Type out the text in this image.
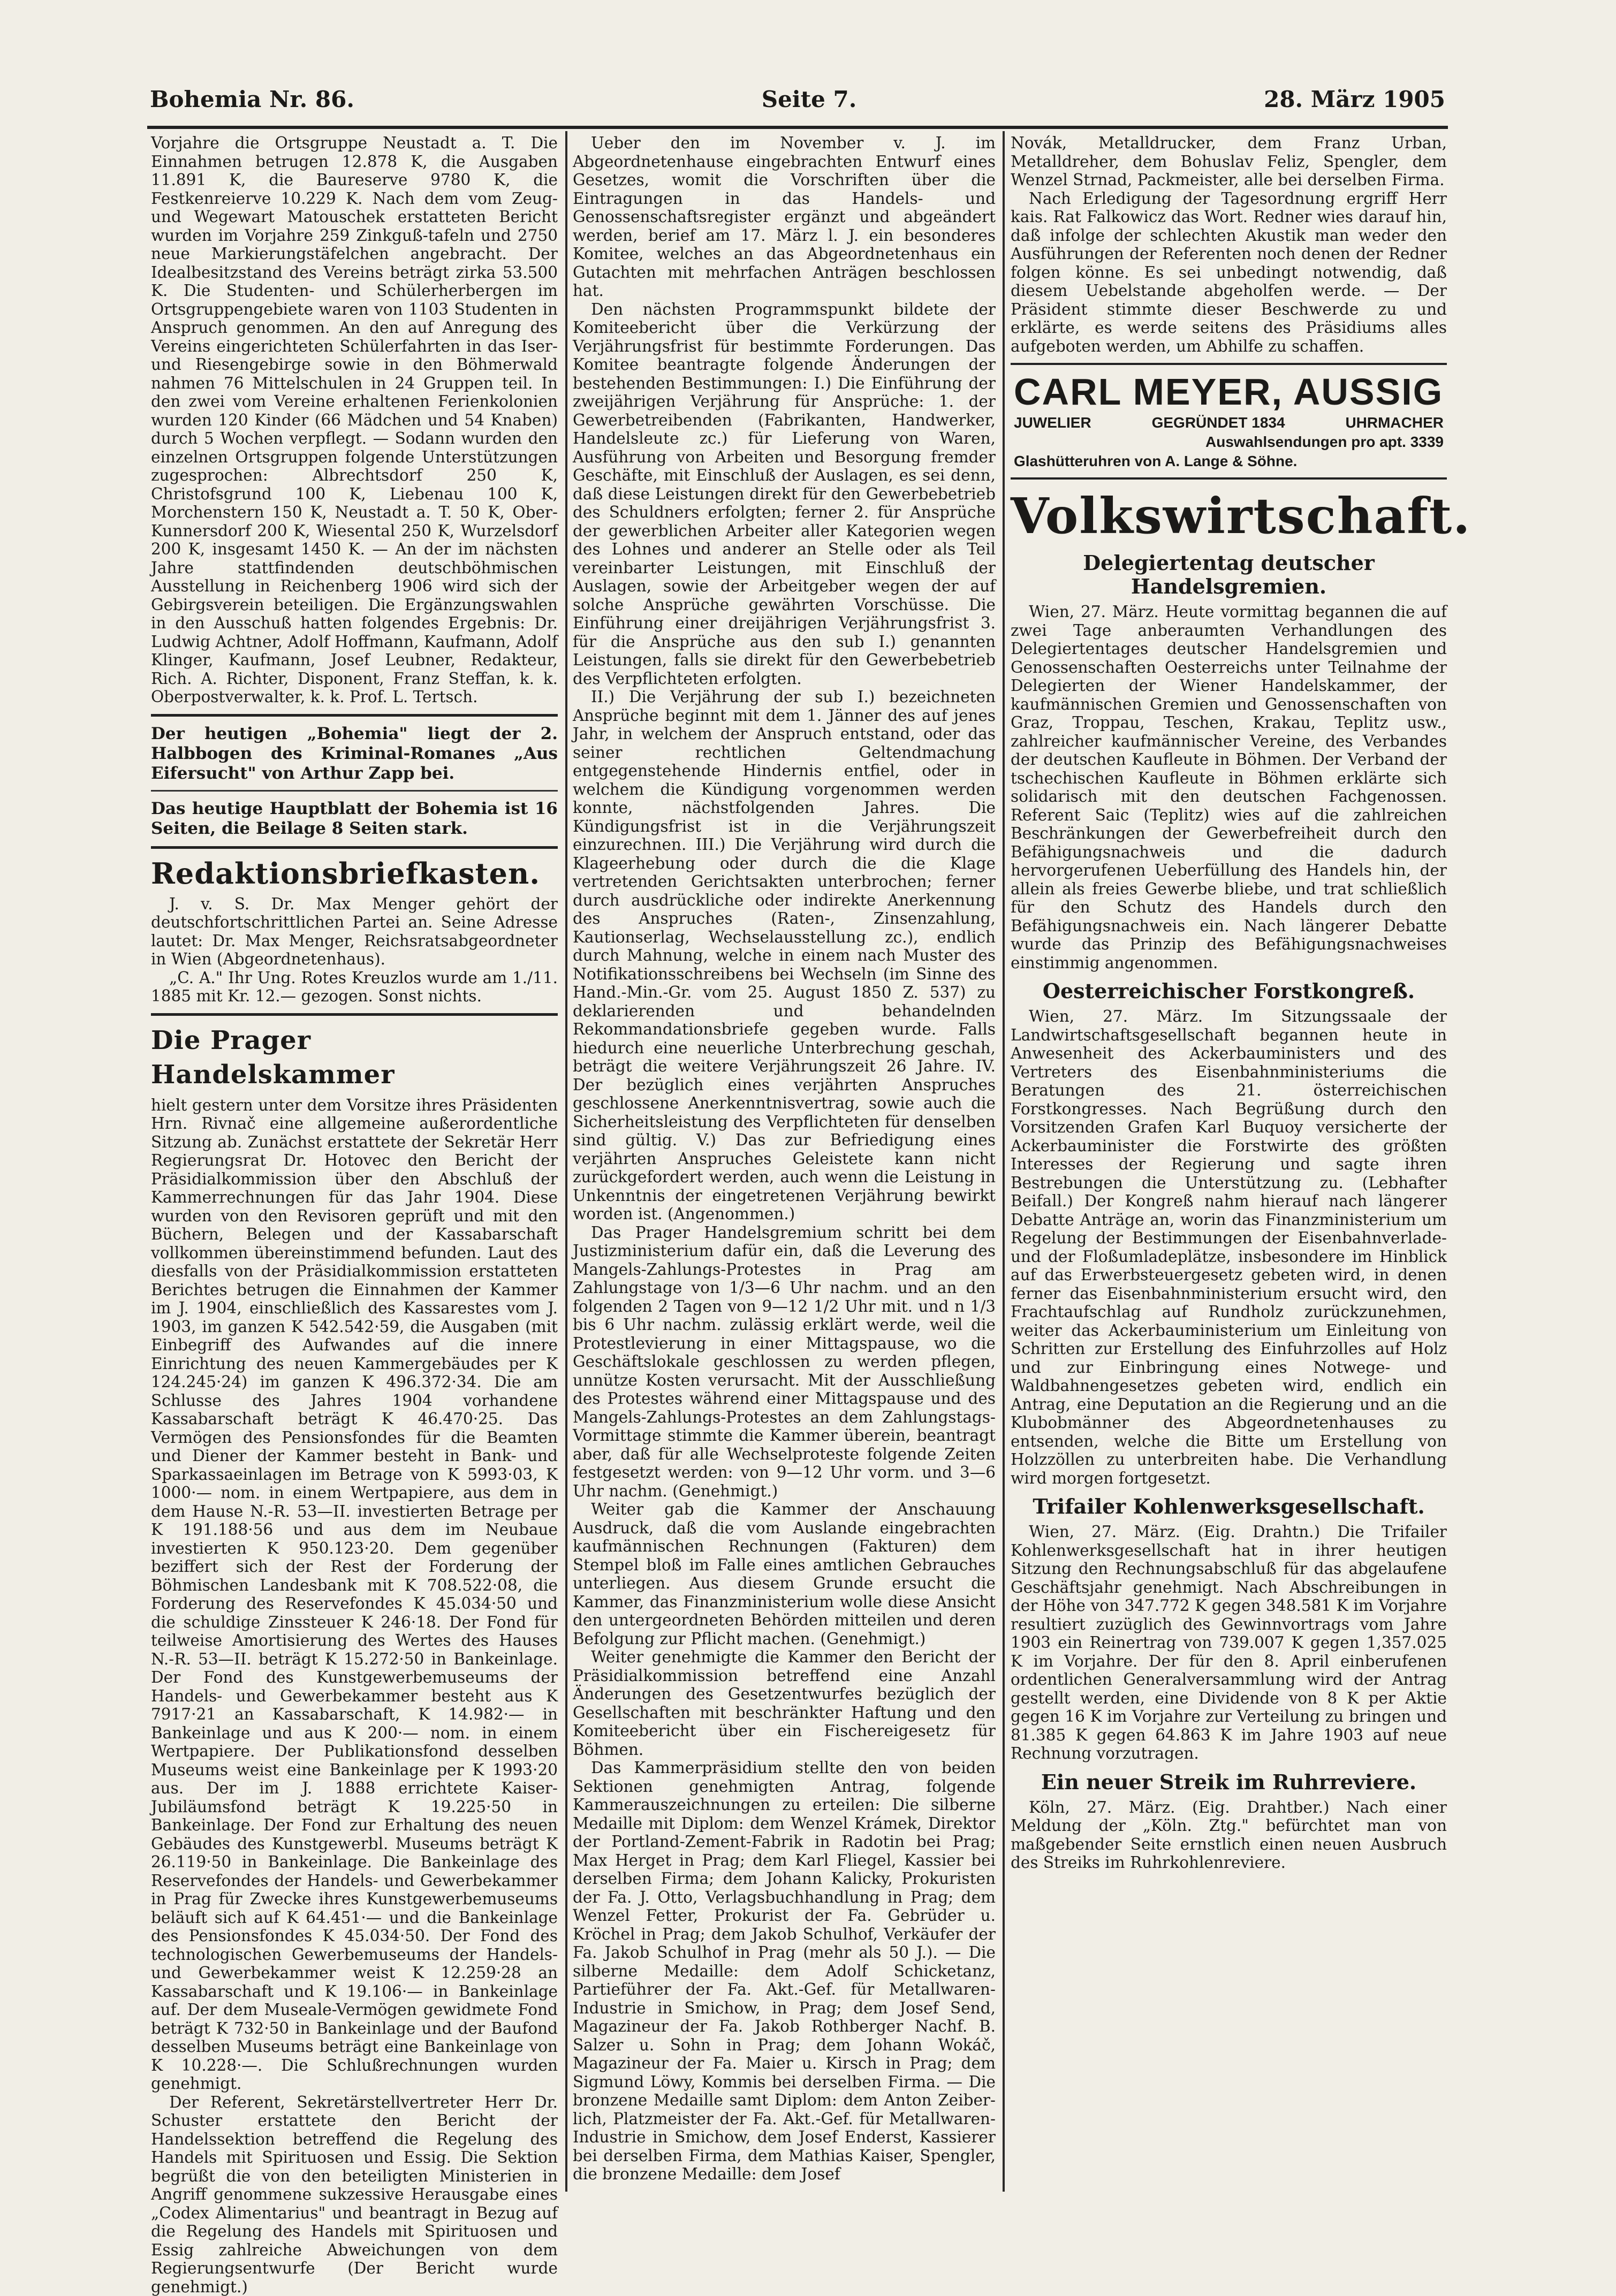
Bohemia Nr. 86.	Seite 7.	28. März 1905

Vorjahre die Ortsgruppe Neustadt a. T. Die Einnahmen betrugen 12.878 K, die Ausgaben 11.891 K, die Baureserve 9780 K, die Festkenreierve 10.229 K. Nach dem vom Zeug- und Wegewart Matouschek erstatteten Bericht wurden im Vorjahre 259 Zinkguß-tafeln und 2750 neue Markierungstäfelchen angebracht. Der Idealbesitzstand des Vereins beträgt zirka 53.500 K. Die Studenten- und Schülerherbergen im Ortsgruppengebiete waren von 1103 Studenten in Anspruch genommen. An den auf Anregung des Vereins eingerichteten Schülerfahrten in das Iser- und Riesengebirge sowie in den Böhmerwald nahmen 76 Mittelschulen in 24 Gruppen teil. In den zwei vom Vereine erhaltenen Ferienkolonien wurden 120 Kinder (66 Mädchen und 54 Knaben) durch 5 Wochen verpflegt. — Sodann wurden den einzelnen Ortsgruppen folgende Unterstützungen zugesprochen: Albrechtsdorf 250 K, Christofsgrund 100 K, Liebenau 100 K, Morchenstern 150 K, Neustadt a. T. 50 K, Ober-Kunnersdorf 200 K, Wiesental 250 K, Wurzelsdorf 200 K, insgesamt 1450 K. — An der im nächsten Jahre stattfindenden deutschböhmischen Ausstellung in Reichenberg 1906 wird sich der Gebirgsverein beteiligen. Die Ergänzungswahlen in den Ausschuß hatten folgendes Ergebnis: Dr. Ludwig Achtner, Adolf Hoffmann, Kaufmann, Adolf Klinger, Kaufmann, Josef Leubner, Redakteur, Rich. A. Richter, Disponent, Franz Steffan, k. k. Oberpostverwalter, k. k. Prof. L. Tertsch.

Der heutigen „Bohemia" liegt der 2. Halbbogen des Kriminal-Romanes „Aus Eifersucht" von Arthur Zapp bei.

Das heutige Hauptblatt der Bohemia ist 16 Seiten, die Beilage 8 Seiten stark.

Redaktionsbriefkasten.

J. v. S. Dr. Max Menger gehört der deutschfortschrittlichen Partei an. Seine Adresse lautet: Dr. Max Menger, Reichsratsabgeordneter in Wien (Abgeordnetenhaus).

„C. A." Ihr Ung. Rotes Kreuzlos wurde am 1./11. 1885 mit Kr. 12.— gezogen. Sonst nichts.

Die Prager Handelskammer

hielt gestern unter dem Vorsitze ihres Präsidenten Hrn. Rivnač eine allgemeine außerordentliche Sitzung ab. Zunächst erstattete der Sekretär Herr Regierungsrat Dr. Hotovec den Bericht der Präsidialkommission über den Abschluß der Kammerrechnungen für das Jahr 1904. Diese wurden von den Revisoren geprüft und mit den Büchern, Belegen und der Kassabarschaft vollkommen übereinstimmend befunden. Laut des diesfalls von der Präsidialkommission erstatteten Berichtes betrugen die Einnahmen der Kammer im J. 1904, einschließlich des Kassarestes vom J. 1903, im ganzen K 542.542·59, die Ausgaben (mit Einbegriff des Aufwandes auf die innere Einrichtung des neuen Kammergebäudes per K 124.245·24) im ganzen K 496.372·34. Die am Schlusse des Jahres 1904 vorhandene Kassabarschaft beträgt K 46.470·25. Das Vermögen des Pensionsfondes für die Beamten und Diener der Kammer besteht in Bank- und Sparkassaeinlagen im Betrage von K 5993·03, K 1000·— nom. in einem Wertpapiere, aus dem in dem Hause N.-R. 53—II. investierten Betrage per K 191.188·56 und aus dem im Neubaue investierten K 950.123·20. Dem gegenüber beziffert sich der Rest der Forderung der Böhmischen Landesbank mit K 708.522·08, die Forderung des Reservefondes K 45.034·50 und die schuldige Zinssteuer K 246·18. Der Fond für teilweise Amortisierung des Wertes des Hauses N.-R. 53—II. beträgt K 15.272·50 in Bankeinlage. Der Fond des Kunstgewerbemuseums der Handels- und Gewerbekammer besteht aus K 7917·21 an Kassabarschaft, K 14.982·— in Bankeinlage und aus K 200·— nom. in einem Wertpapiere. Der Publikationsfond desselben Museums weist eine Bankeinlage per K 1993·20 aus. Der im J. 1888 errichtete Kaiser-Jubiläumsfond beträgt K 19.225·50 in Bankeinlage. Der Fond zur Erhaltung des neuen Gebäudes des Kunstgewerbl. Museums beträgt K 26.119·50 in Bankeinlage. Die Bankeinlage des Reservefondes der Handels- und Gewerbekammer in Prag für Zwecke ihres Kunstgewerbemuseums beläuft sich auf K 64.451·— und die Bankeinlage des Pensionsfondes K 45.034·50. Der Fond des technologischen Gewerbemuseums der Handels- und Gewerbekammer weist K 12.259·28 an Kassabarschaft und K 19.106·— in Bankeinlage auf. Der dem Museale-Vermögen gewidmete Fond beträgt K 732·50 in Bankeinlage und der Baufond desselben Museums beträgt eine Bankeinlage von K 10.228·—. Die Schlußrechnungen wurden genehmigt.

Der Referent, Sekretärstellvertreter Herr Dr. Schuster erstattete den Bericht der Handelssektion betreffend die Regelung des Handels mit Spirituosen und Essig. Die Sektion begrüßt die von den beteiligten Ministerien in Angriff genommene sukzessive Herausgabe eines „Codex Alimentarius" und beantragt in Bezug auf die Regelung des Handels mit Spirituosen und Essig zahlreiche Abweichungen von dem Regierungsentwurfe (Der Bericht wurde genehmigt.)

Ueber den im November v. J. im Abgeordnetenhause eingebrachten Entwurf eines Gesetzes, womit die Vorschriften über die Eintragungen in das Handels- und Genossenschaftsregister ergänzt und abgeändert werden, berief am 17. März l. J. ein besonderes Komitee, welches an das Abgeordnetenhaus ein Gutachten mit mehrfachen Anträgen beschlossen hat.

Den nächsten Programmspunkt bildete der Komiteebericht über die Verkürzung der Verjährungsfrist für bestimmte Forderungen. Das Komitee beantragte folgende Änderungen der bestehenden Bestimmungen: I.) Die Einführung der zweijährigen Verjährung für Ansprüche: 1. der Gewerbetreibenden (Fabrikanten, Handwerker, Handelsleute zc.) für Lieferung von Waren, Ausführung von Arbeiten und Besorgung fremder Geschäfte, mit Einschluß der Auslagen, es sei denn, daß diese Leistungen direkt für den Gewerbebetrieb des Schuldners erfolgten; ferner 2. für Ansprüche der gewerblichen Arbeiter aller Kategorien wegen des Lohnes und anderer an Stelle oder als Teil vereinbarter Leistungen, mit Einschluß der Auslagen, sowie der Arbeitgeber wegen der auf solche Ansprüche gewährten Vorschüsse. Die Einführung einer dreijährigen Verjährungsfrist 3. für die Ansprüche aus den sub I.) genannten Leistungen, falls sie direkt für den Gewerbebetrieb des Verpflichteten erfolgten.

II.) Die Verjährung der sub I.) bezeichneten Ansprüche beginnt mit dem 1. Jänner des auf jenes Jahr, in welchem der Anspruch entstand, oder das seiner rechtlichen Geltendmachung entgegenstehende Hindernis entfiel, oder in welchem die Kündigung vorgenommen werden konnte, nächstfolgenden Jahres. Die Kündigungsfrist ist in die Verjährungszeit einzurechnen. III.) Die Verjährung wird durch die Klageerhebung oder durch die die Klage vertretenden Gerichtsakten unterbrochen; ferner durch ausdrückliche oder indirekte Anerkennung des Anspruches (Raten-, Zinsenzahlung, Kautionserlag, Wechselausstellung zc.), endlich durch Mahnung, welche in einem nach Muster des Notifikationsschreibens bei Wechseln (im Sinne des Hand.-Min.-Gr. vom 25. August 1850 Z. 537) zu deklarierenden und behandelnden Rekommandationsbriefe gegeben wurde. Falls hiedurch eine neuerliche Unterbrechung geschah, beträgt die weitere Verjährungszeit 26 Jahre. IV. Der bezüglich eines verjährten Anspruches geschlossene Anerkenntnisvertrag, sowie auch die Sicherheitsleistung des Verpflichteten für denselben sind gültig. V.) Das zur Befriedigung eines verjährten Anspruches Geleistete kann nicht zurückgefordert werden, auch wenn die Leistung in Unkenntnis der eingetretenen Verjährung bewirkt worden ist. (Angenommen.)

Das Prager Handelsgremium schritt bei dem Justizministerium dafür ein, daß die Leverung des Mangels-Zahlungs-Protestes in Prag am Zahlungstage von 1/3—6 Uhr nachm. und an den folgenden 2 Tagen von 9—12 1/2 Uhr mit. und n 1/3 bis 6 Uhr nachm. zulässig erklärt werde, weil die Protestlevierung in einer Mittagspause, wo die Geschäftslokale geschlossen zu werden pflegen, unnütze Kosten verursacht. Mit der Ausschließung des Protestes während einer Mittagspause und des Mangels-Zahlungs-Protestes an dem Zahlungstags-Vormittage stimmte die Kammer überein, beantragt aber, daß für alle Wechselproteste folgende Zeiten festgesetzt werden: von 9—12 Uhr vorm. und 3—6 Uhr nachm. (Genehmigt.)

Weiter gab die Kammer der Anschauung Ausdruck, daß die vom Auslande eingebrachten kaufmännischen Rechnungen (Fakturen) dem Stempel bloß im Falle eines amtlichen Gebrauches unterliegen. Aus diesem Grunde ersucht die Kammer, das Finanzministerium wolle diese Ansicht den untergeordneten Behörden mitteilen und deren Befolgung zur Pflicht machen. (Genehmigt.)

Weiter genehmigte die Kammer den Bericht der Präsidialkommission betreffend eine Anzahl Änderungen des Gesetzentwurfes bezüglich der Gesellschaften mit beschränkter Haftung und den Komiteebericht über ein Fischereigesetz für Böhmen.

Das Kammerpräsidium stellte den von beiden Sektionen genehmigten Antrag, folgende Kammerauszeichnungen zu erteilen: Die silberne Medaille mit Diplom: dem Wenzel Krámek, Direktor der Portland-Zement-Fabrik in Radotin bei Prag; Max Herget in Prag; dem Karl Fliegel, Kassier bei derselben Firma; dem Johann Kalicky, Prokuristen der Fa. J. Otto, Verlagsbuchhandlung in Prag; dem Wenzel Fetter, Prokurist der Fa. Gebrüder u. Kröchel in Prag; dem Jakob Schulhof, Verkäufer der Fa. Jakob Schulhof in Prag (mehr als 50 J.). — Die silberne Medaille: dem Adolf Schicketanz, Partieführer der Fa. Akt.-Gef. für Metallwaren-Industrie in Smichow, in Prag; dem Josef Send, Magazineur der Fa. Jakob Rothberger Nachf. B. Salzer u. Sohn in Prag; dem Johann Wokáč, Magazineur der Fa. Maier u. Kirsch in Prag; dem Sigmund Löwy, Kommis bei derselben Firma. — Die bronzene Medaille samt Diplom: dem Anton Zeiber-lich, Platzmeister der Fa. Akt.-Gef. für Metallwaren-Industrie in Smichow, dem Josef Enderst, Kassierer bei derselben Firma, dem Mathias Kaiser, Spengler, die bronzene Medaille: dem Josef

Novák, Metalldrucker, dem Franz Urban, Metalldreher, dem Bohuslav Feliz, Spengler, dem Wenzel Strnad, Packmeister, alle bei derselben Firma.

Nach Erledigung der Tagesordnung ergriff Herr kais. Rat Falkowicz das Wort. Redner wies darauf hin, daß infolge der schlechten Akustik man weder den Ausführungen der Referenten noch denen der Redner folgen könne. Es sei unbedingt notwendig, daß diesem Uebelstande abgeholfen werde. — Der Präsident stimmte dieser Beschwerde zu und erklärte, es werde seitens des Präsidiums alles aufgeboten werden, um Abhilfe zu schaffen.

CARL MEYER, AUSSIG
JUWELIER	GEGRÜNDET 1834	UHRMACHER
Auswahlsendungen pro apt. 3339
Glashütteruhren von A. Lange & Söhne.
Volkswirtschaft.
Delegiertentag deutscher Handelsgremien.

Wien, 27. März. Heute vormittag begannen die auf zwei Tage anberaumten Verhandlungen des Delegiertentages deutscher Handelsgremien und Genossenschaften Oesterreichs unter Teilnahme der Delegierten der Wiener Handelskammer, der kaufmännischen Gremien und Genossenschaften von Graz, Troppau, Teschen, Krakau, Teplitz usw., zahlreicher kaufmännischer Vereine, des Verbandes der deutschen Kaufleute in Böhmen. Der Verband der tschechischen Kaufleute in Böhmen erklärte sich solidarisch mit den deutschen Fachgenossen. Referent Saic (Teplitz) wies auf die zahlreichen Beschränkungen der Gewerbefreiheit durch den Befähigungsnachweis und die dadurch hervorgerufenen Ueberfüllung des Handels hin, der allein als freies Gewerbe bliebe, und trat schließlich für den Schutz des Handels durch den Befähigungsnachweis ein. Nach längerer Debatte wurde das Prinzip des Befähigungsnachweises einstimmig angenommen.

Oesterreichischer Forstkongreß.

Wien, 27. März. Im Sitzungssaale der Landwirtschaftsgesellschaft begannen heute in Anwesenheit des Ackerbauministers und des Vertreters des Eisenbahnministeriums die Beratungen des 21. österreichischen Forstkongresses. Nach Begrüßung durch den Vorsitzenden Grafen Karl Buquoy versicherte der Ackerbauminister die Forstwirte des größten Interesses der Regierung und sagte ihren Bestrebungen die Unterstützung zu. (Lebhafter Beifall.) Der Kongreß nahm hierauf nach längerer Debatte Anträge an, worin das Finanzministerium um Regelung der Bestimmungen der Eisenbahnverlade- und der Floßumladeplätze, insbesondere im Hinblick auf das Erwerbsteuergesetz gebeten wird, in denen ferner das Eisenbahnministerium ersucht wird, den Frachtaufschlag auf Rundholz zurückzunehmen, weiter das Ackerbauministerium um Einleitung von Schritten zur Erstellung des Einfuhrzolles auf Holz und zur Einbringung eines Notwege- und Waldbahnengesetzes gebeten wird, endlich ein Antrag, eine Deputation an die Regierung und an die Klubobmänner des Abgeordnetenhauses zu entsenden, welche die Bitte um Erstellung von Holzzöllen zu unterbreiten habe. Die Verhandlung wird morgen fortgesetzt.

Trifailer Kohlenwerksgesellschaft.

Wien, 27. März. (Eig. Drahtn.) Die Trifailer Kohlenwerksgesellschaft hat in ihrer heutigen Sitzung den Rechnungsabschluß für das abgelaufene Geschäftsjahr genehmigt. Nach Abschreibungen in der Höhe von 347.772 K gegen 348.581 K im Vorjahre resultiert zuzüglich des Gewinnvortrags vom Jahre 1903 ein Reinertrag von 739.007 K gegen 1,357.025 K im Vorjahre. Der für den 8. April einberufenen ordentlichen Generalversammlung wird der Antrag gestellt werden, eine Dividende von 8 K per Aktie gegen 16 K im Vorjahre zur Verteilung zu bringen und 81.385 K gegen 64.863 K im Jahre 1903 auf neue Rechnung vorzutragen.

Ein neuer Streik im Ruhrreviere.

Köln, 27. März. (Eig. Drahtber.) Nach einer Meldung der „Köln. Ztg." befürchtet man von maßgebender Seite ernstlich einen neuen Ausbruch des Streiks im Ruhrkohlenreviere.
